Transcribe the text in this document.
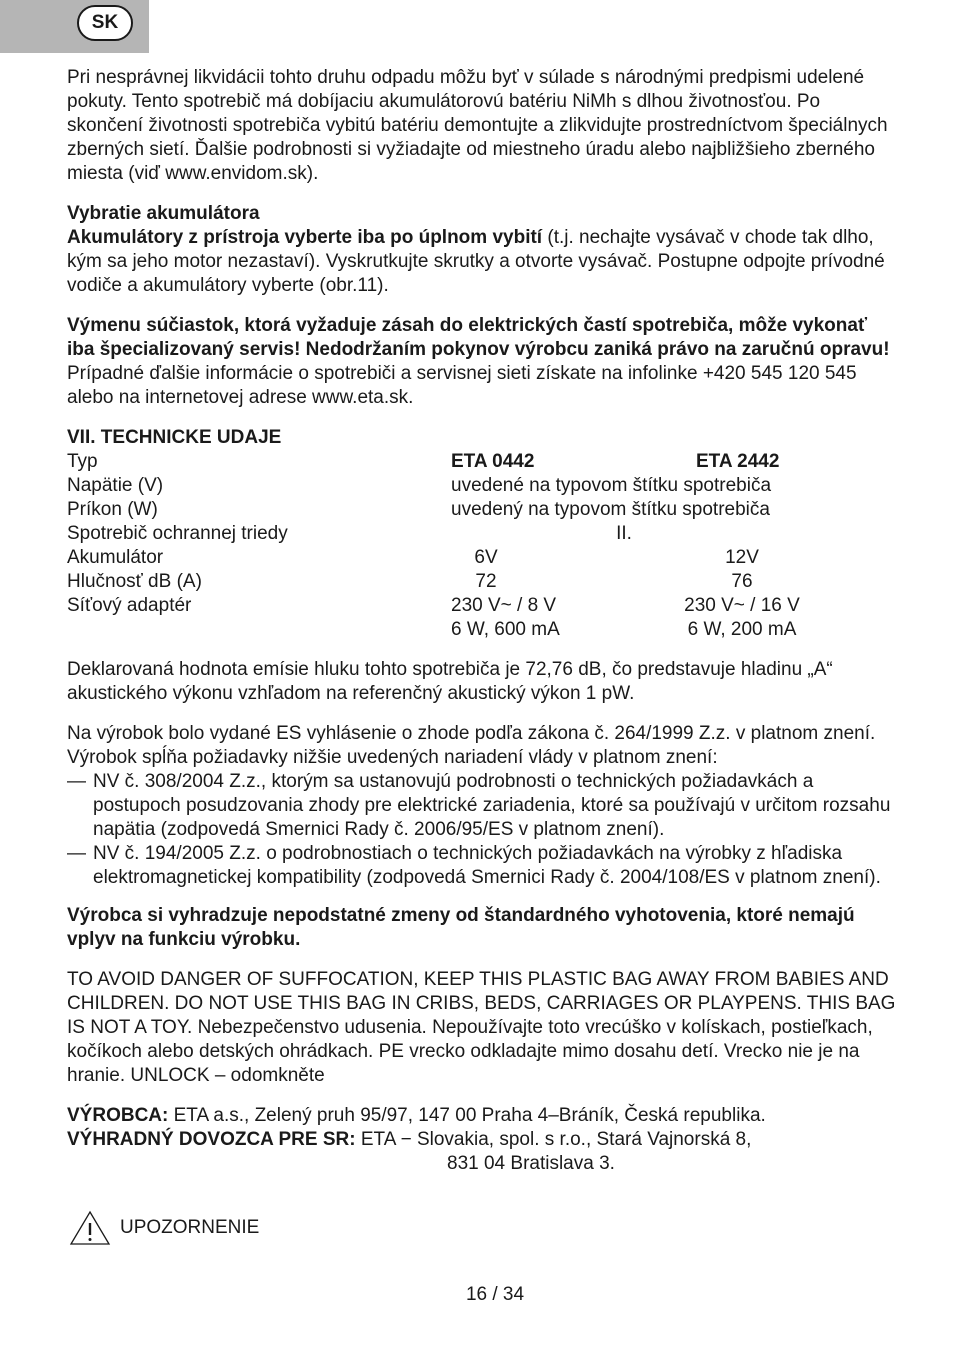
SK

Pri nesprávnej likvidácii tohto druhu odpadu môžu byť v súlade s národnými predpismi udelené pokuty. Tento spotrebič má dobíjaciu akumulátorovú batériu NiMh s dlhou životnosťou. Po skončení životnosti spotrebiča vybitú batériu demontujte a zlikvidujte prostredníctvom špeciálnych zberných sietí. Ďalšie podrobnosti si vyžiadajte od miestneho úradu alebo najbližšieho zberného miesta (viď www.envidom.sk).

Vybratie akumulátora

Akumulátory z prístroja vyberte iba po úplnom vybití (t.j. nechajte vysávač v chode tak dlho, kým sa jeho motor nezastaví). Vyskrutkujte skrutky a otvorte vysávač. Postupne odpojte prívodné vodiče a akumulátory vyberte (obr.11).

Výmenu súčiastok, ktorá vyžaduje zásah do elektrických častí spotrebiča, môže vykonať iba špecializovaný servis! Nedodržaním pokynov výrobcu zaniká právo na zaručnú opravu! Prípadné ďalšie informácie o spotrebiči a servisnej sieti získate na infolinke +420 545 120 545 alebo na internetovej adrese www.eta.sk.

VII. TECHNICKE UDAJE

Typ	ETA 0442	ETA 2442
Napätie (V)	uvedené na typovom štítku spotrebiča
Príkon (W)	uvedený na typovom štítku spotrebiča
Spotrebič ochrannej triedy	II.
Akumulátor	6V	12V
Hlučnosť dB (A)	72	76
Síťový adaptér	230 V~ / 8 V	230 V~ / 16 V
6 W, 600 mA	6 W, 200 mA

Deklarovaná hodnota emísie hluku tohto spotrebiča je 72,76 dB, čo predstavuje hladinu „A“ akustického výkonu vzhľadom na referenčný akustický výkon 1 pW.

Na výrobok bolo vydané ES vyhlásenie o zhode podľa zákona č. 264/1999 Z.z. v platnom znení. Výrobok spĺňa požiadavky nižšie uvedených nariadení vlády v platnom znení:

— NV č. 308/2004 Z.z., ktorým sa ustanovujú podrobnosti o technických požiadavkách a postupoch posudzovania zhody pre elektrické zariadenia, ktoré sa používajú v určitom rozsahu napätia (zodpovedá Smernici Rady č. 2006/95/ES v platnom znení).
— NV č. 194/2005 Z.z. o podrobnostiach o technických požiadavkách na výrobky z hľadiska elektromagnetickej kompatibility (zodpovedá Smernici Rady č. 2004/108/ES v platnom znení).

Výrobca si vyhradzuje nepodstatné zmeny od štandardného vyhotovenia, ktoré nemajú vplyv na funkciu výrobku.

TO AVOID DANGER OF SUFFOCATION, KEEP THIS PLASTIC BAG AWAY FROM BABIES AND CHILDREN. DO NOT USE THIS BAG IN CRIBS, BEDS, CARRIAGES OR PLAYPENS. THIS BAG IS NOT A TOY. Nebezpečenstvo udusenia. Nepoužívajte toto vrecúško v kolískach, postieľkach, kočíkoch alebo detských ohrádkach. PE vrecko odkladajte mimo dosahu detí. Vrecko nie je na hranie. UNLOCK – odomkněte

VÝROBCA: ETA a.s., Zelený pruh 95/97, 147 00 Praha 4–Bráník, Česká republika.

VÝHRADNÝ DOVOZCA PRE SR: ETA − Slovakia, spol. s r.o., Stará Vajnorská 8,

831 04 Bratislava 3.

UPOZORNENIE
16 / 34
